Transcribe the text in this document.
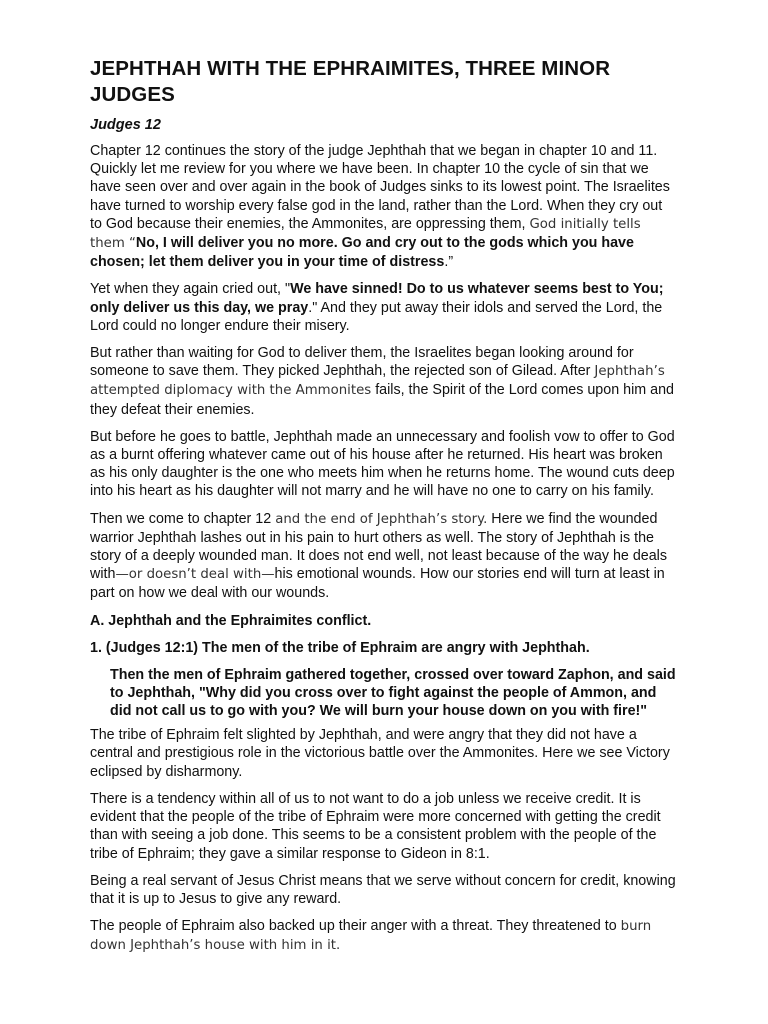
JEPHTHAH WITH THE EPHRAIMITES, THREE MINOR JUDGES
Judges 12

Chapter 12 continues the story of the judge Jephthah that we began in chapter 10 and 11. Quickly let me review for you where we have been. In chapter 10 the cycle of sin that we have seen over and over again in the book of Judges sinks to its lowest point. The Israelites have turned to worship every false god in the land, rather than the Lord. When they cry out to God because their enemies, the Ammonites, are oppressing them, God initially tells them “No, I will deliver you no more. Go and cry out to the gods which you have chosen; let them deliver you in your time of distress.”

Yet when they again cried out, "We have sinned! Do to us whatever seems best to You; only deliver us this day, we pray." And they put away their idols and served the Lord, the Lord could no longer endure their misery.

But rather than waiting for God to deliver them, the Israelites began looking around for someone to save them. They picked Jephthah, the rejected son of Gilead. After Jephthah’s attempted diplomacy with the Ammonites fails, the Spirit of the Lord comes upon him and they defeat their enemies.

But before he goes to battle, Jephthah made an unnecessary and foolish vow to offer to God as a burnt offering whatever came out of his house after he returned. His heart was broken as his only daughter is the one who meets him when he returns home. The wound cuts deep into his heart as his daughter will not marry and he will have no one to carry on his family.

Then we come to chapter 12 and the end of Jephthah’s story. Here we find the wounded warrior Jephthah lashes out in his pain to hurt others as well. The story of Jephthah is the story of a deeply wounded man. It does not end well, not least because of the way he deals with—or doesn’t deal with—his emotional wounds. How our stories end will turn at least in part on how we deal with our wounds.

A. Jephthah and the Ephraimites conflict.
1. (Judges 12:1) The men of the tribe of Ephraim are angry with Jephthah.
Then the men of Ephraim gathered together, crossed over toward Zaphon, and said to Jephthah, "Why did you cross over to fight against the people of Ammon, and did not call us to go with you? We will burn your house down on you with fire!"

The tribe of Ephraim felt slighted by Jephthah, and were angry that they did not have a central and prestigious role in the victorious battle over the Ammonites. Here we see Victory eclipsed by disharmony.

There is a tendency within all of us to not want to do a job unless we receive credit. It is evident that the people of the tribe of Ephraim were more concerned with getting the credit than with seeing a job done. This seems to be a consistent problem with the people of the tribe of Ephraim; they gave a similar response to Gideon in 8:1.

Being a real servant of Jesus Christ means that we serve without concern for credit, knowing that it is up to Jesus to give any reward.

The people of Ephraim also backed up their anger with a threat. They threatened to burn down Jephthah’s house with him in it.
